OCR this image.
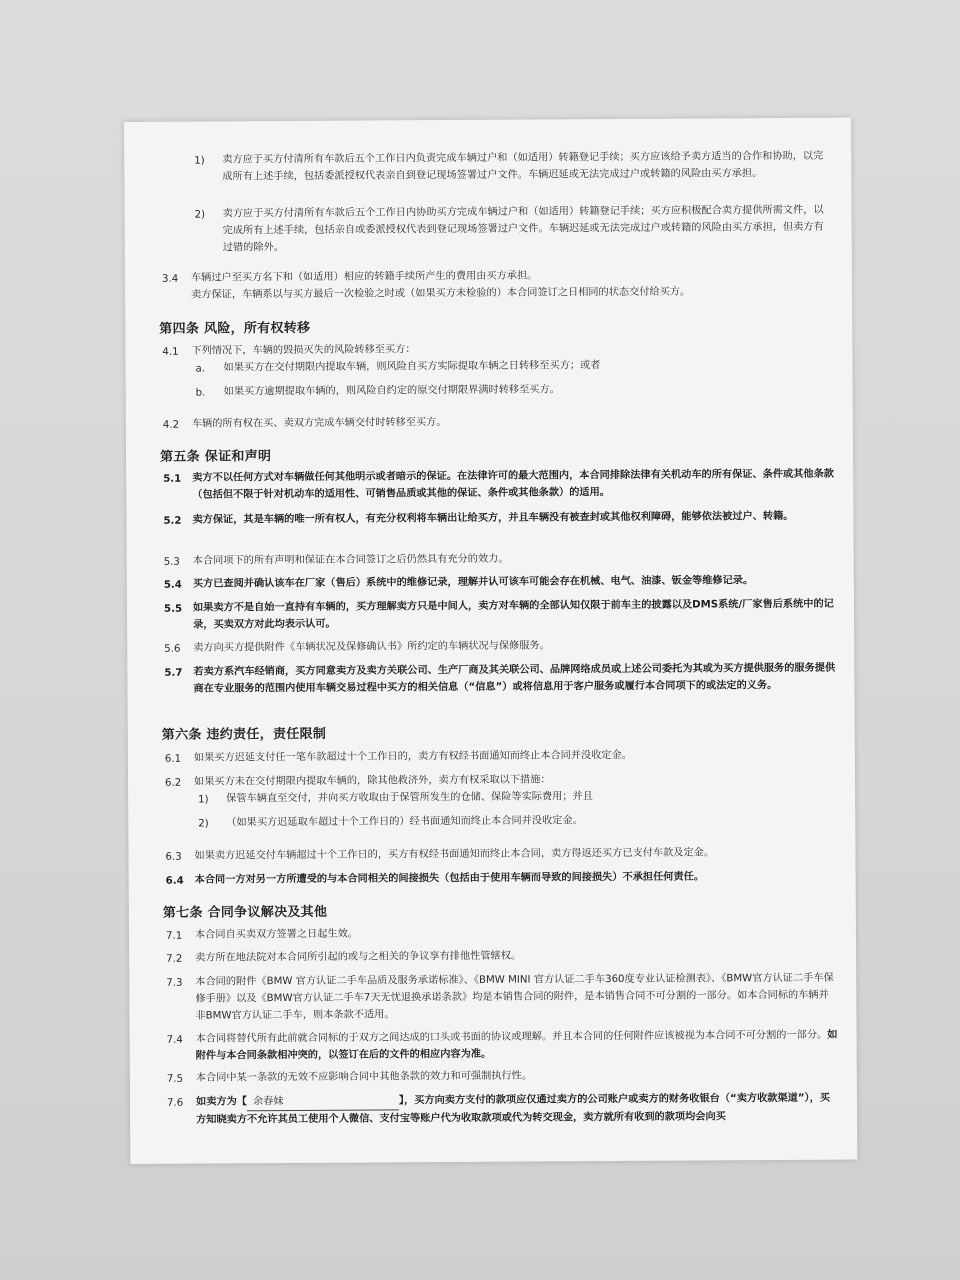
1) 卖方应于买方付清所有车款后五个工作日内负责完成车辆过户和（如适用）转籍登记手续；买方应该给予卖方适当的合作和协助，以完成所有上述手续，包括委派授权代表亲自到登记现场签署过户文件。车辆迟延或无法完成过户或转籍的风险由买方承担。
2) 卖方应于买方付清所有车款后五个工作日内协助买方完成车辆过户和（如适用）转籍登记手续；买方应积极配合卖方提供所需文件，以完成所有上述手续，包括亲自或委派授权代表到登记现场签署过户文件。车辆迟延或无法完成过户或转籍的风险由买方承担，但卖方有过错的除外。
3.4 车辆过户至买方名下和（如适用）相应的转籍手续所产生的费用由买方承担。
卖方保证，车辆系以与买方最后一次检验之时或（如果买方未检验的）本合同签订之日相同的状态交付给买方。
第四条 风险，所有权转移
4.1 下列情况下，车辆的毁损灭失的风险转移至买方：
a. 如果买方在交付期限内提取车辆，则风险自买方实际提取车辆之日转移至买方；或者
b. 如果买方逾期提取车辆的，则风险自约定的原交付期限界满时转移至买方。
4.2 车辆的所有权在买、卖双方完成车辆交付时转移至买方。
第五条 保证和声明
5.1 卖方不以任何方式对车辆做任何其他明示或者暗示的保证。在法律许可的最大范围内，本合同排除法律有关机动车的所有保证、条件或其他条款（包括但不限于针对机动车的适用性、可销售品质或其他的保证、条件或其他条款）的适用。
5.2 卖方保证，其是车辆的唯一所有权人，有充分权利将车辆出让给买方，并且车辆没有被查封或其他权利障碍，能够依法被过户、转籍。
5.3 本合同项下的所有声明和保证在本合同签订之后仍然具有充分的效力。
5.4 买方已查阅并确认该车在厂家（售后）系统中的维修记录，理解并认可该车可能会存在机械、电气、油漆、钣金等维修记录。
5.5 如果卖方不是自始一直持有车辆的，买方理解卖方只是中间人，卖方对车辆的全部认知仅限于前车主的披露以及DMS系统/厂家售后系统中的记录，买卖双方对此均表示认可。
5.6 卖方向买方提供附件《车辆状况及保修确认书》所约定的车辆状况与保修服务。
5.7 若卖方系汽车经销商，买方同意卖方及卖方关联公司、生产厂商及其关联公司、品牌网络成员或上述公司委托为其或为买方提供服务的服务提供商在专业服务的范围内使用车辆交易过程中买方的相关信息（“信息”）或将信息用于客户服务或履行本合同项下的或法定的义务。
第六条 违约责任，责任限制
6.1 如果买方迟延支付任一笔车款超过十个工作日的，卖方有权经书面通知而终止本合同并没收定金。
6.2 如果买方未在交付期限内提取车辆的，除其他救济外，卖方有权采取以下措施：
1) 保管车辆直至交付，并向买方收取由于保管所发生的仓储、保险等实际费用；并且
2) （如果买方迟延取车超过十个工作日的）经书面通知而终止本合同并没收定金。
6.3 如果卖方迟延交付车辆超过十个工作日的，买方有权经书面通知而终止本合同，卖方得返还买方已支付车款及定金。
6.4 本合同一方对另一方所遭受的与本合同相关的间接损失（包括由于使用车辆而导致的间接损失）不承担任何责任。
第七条 合同争议解决及其他
7.1 本合同自买卖双方签署之日起生效。
7.2 卖方所在地法院对本合同所引起的或与之相关的争议享有排他性管辖权。
7.3 本合同的附件《BMW 官方认证二手车品质及服务承诺标准》、《BMW MINI 官方认证二手车360度专业认证检测表》、《BMW官方认证二手车保修手册》以及《BMW官方认证二手车7天无忧退换承诺条款》均是本销售合同的附件，是本销售合同不可分割的一部分。如本合同标的车辆并非BMW官方认证二手车，则本条款不适用。
7.4 本合同将替代所有此前就合同标的于双方之间达成的口头或书面的协议或理解。并且本合同的任何附件应该被视为本合同不可分割的一部分。如附件与本合同条款相冲突的，以签订在后的文件的相应内容为准。
7.5 本合同中某一条款的无效不应影响合同中其他条款的效力和可强制执行性。
7.6 如卖方为【 余春妹	】，买方向卖方支付的款项应仅通过卖方的公司账户或卖方的财务收银台（“卖方收款渠道”），买方知晓卖方不允许其员工使用个人微信、支付宝等账户代为收取款项或代为转交现金，卖方就所有收到的款项均会向买
